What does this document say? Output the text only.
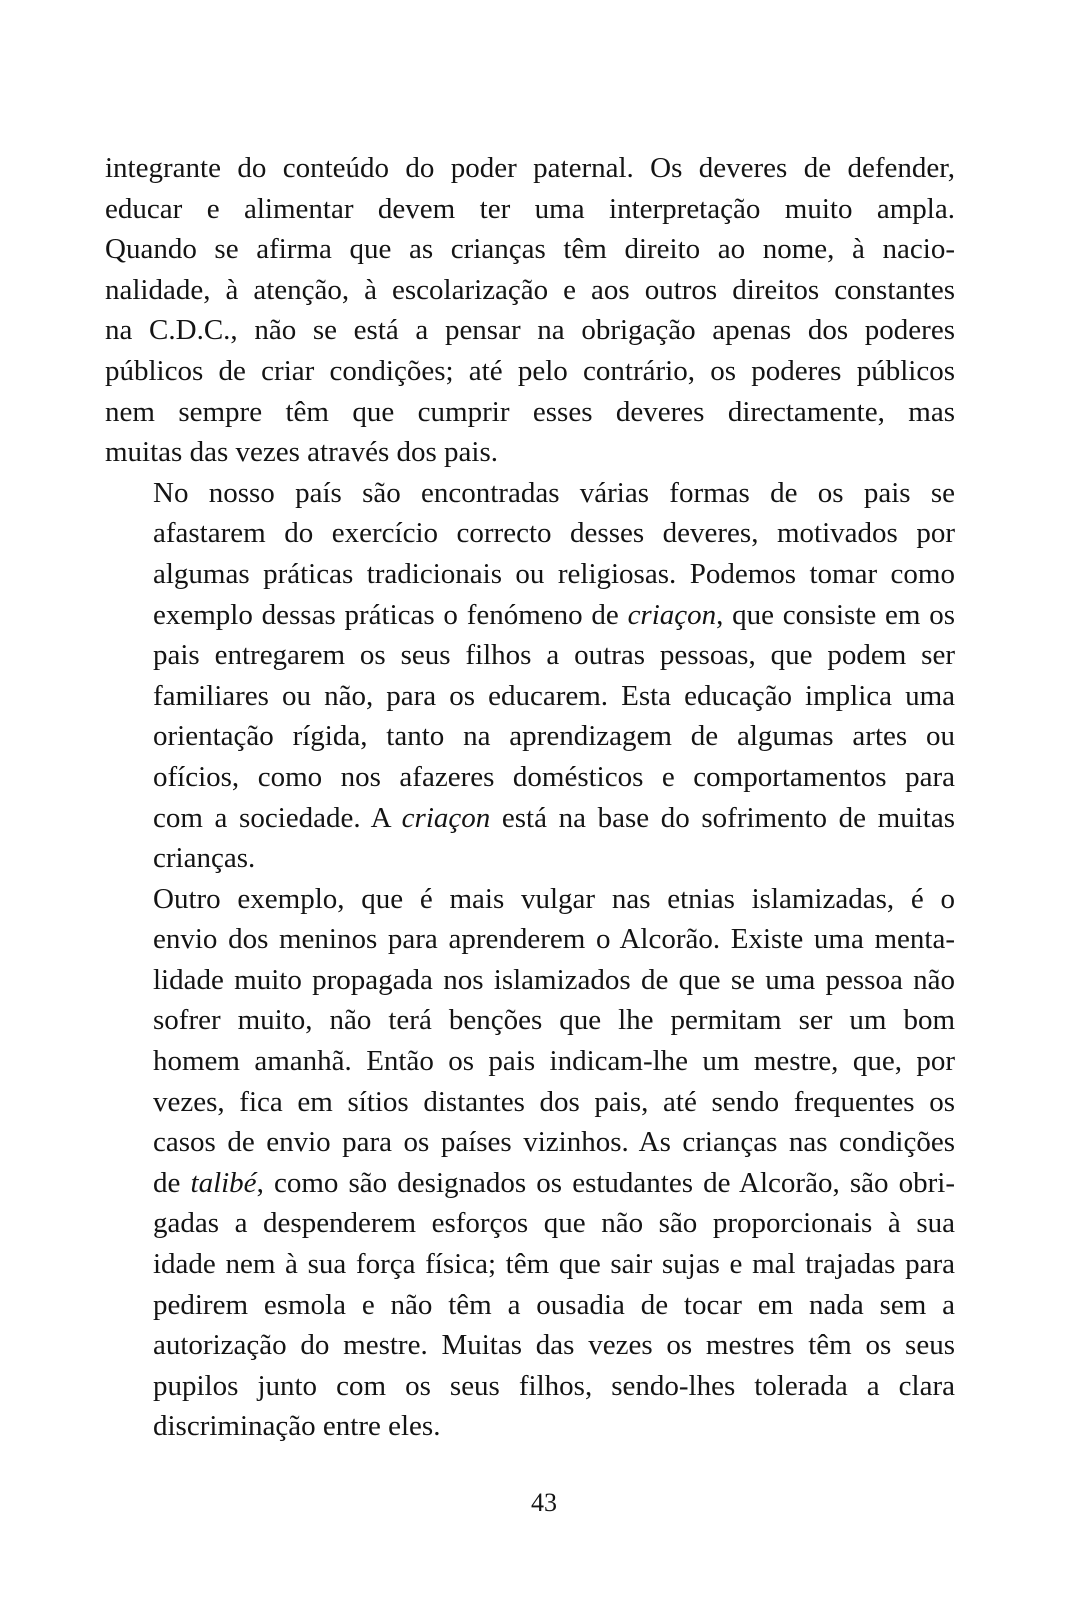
integrante do conteúdo do poder paternal. Os deveres de defender,
educar e alimentar devem ter uma interpretação muito ampla.
Quando se afirma que as crianças têm direito ao nome, à nacio-
nalidade, à atenção, à escolarização e aos outros direitos constantes
na C.D.C., não se está a pensar na obrigação apenas dos poderes
públicos de criar condições; até pelo contrário, os poderes públicos
nem sempre têm que cumprir esses deveres directamente, mas
muitas das vezes através dos pais.

No nosso país são encontradas várias formas de os pais se
afastarem do exercício correcto desses deveres, motivados por
algumas práticas tradicionais ou religiosas. Podemos tomar como
exemplo dessas práticas o fenómeno de criaçon, que consiste em os
pais entregarem os seus filhos a outras pessoas, que podem ser
familiares ou não, para os educarem. Esta educação implica uma
orientação rígida, tanto na aprendizagem de algumas artes ou
ofícios, como nos afazeres domésticos e comportamentos para
com a sociedade. A criaçon está na base do sofrimento de muitas
crianças.

Outro exemplo, que é mais vulgar nas etnias islamizadas, é o
envio dos meninos para aprenderem o Alcorão. Existe uma menta-
lidade muito propagada nos islamizados de que se uma pessoa não
sofrer muito, não terá benções que lhe permitam ser um bom
homem amanhã. Então os pais indicam-lhe um mestre, que, por
vezes, fica em sítios distantes dos pais, até sendo frequentes os
casos de envio para os países vizinhos. As crianças nas condições
de talibé, como são designados os estudantes de Alcorão, são obri-
gadas a despenderem esforços que não são proporcionais à sua
idade nem à sua força física; têm que sair sujas e mal trajadas para
pedirem esmola e não têm a ousadia de tocar em nada sem a
autorização do mestre. Muitas das vezes os mestres têm os seus
pupilos junto com os seus filhos, sendo-lhes tolerada a clara
discriminação entre eles.

43
